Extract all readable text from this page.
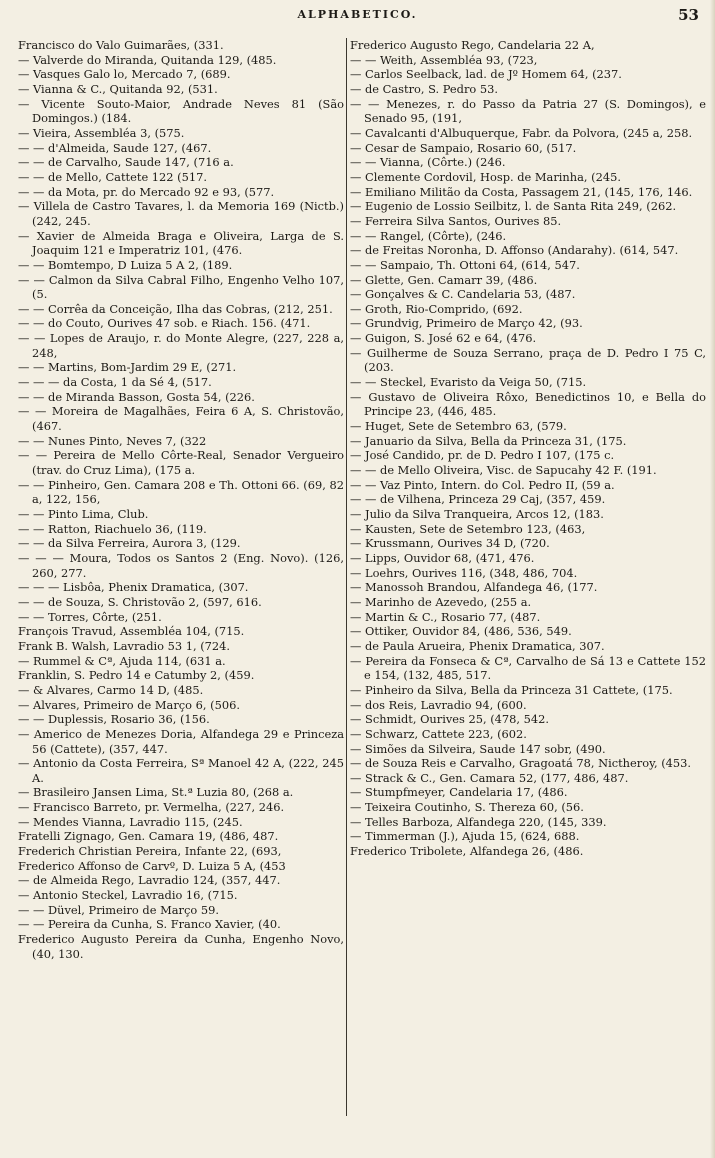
ALPHABETICO.	53

Francisco do Valo Guimarães, (331.

— Valverde do Miranda, Quitanda 129, (485.

— Vasques Galo lo, Mercado 7, (689.

— Vianna & C., Quitanda 92, (531.

— Vicente Souto-Maior, Andrade Neves 81 (São Domingos.) (184.

— Vieira, Assembléa 3, (575.

— — d'Almeida, Saude 127, (467.

— — de Carvalho, Saude 147, (716 a.

— — de Mello, Cattete 122 (517.

— — da Mota, pr. do Mercado 92 e 93, (577.

— Villela de Castro Tavares, l. da Memoria 169 (Nictb.) (242, 245.

— Xavier de Almeida Braga e Oliveira, Larga de S. Joaquim 121 e Imperatriz 101, (476.

— — Bomtempo, D Luiza 5 A 2, (189.

— — Calmon da Silva Cabral Filho, Engenho Velho 107, (5.

— — Corrêa da Conceição, Ilha das Cobras, (212, 251.

— — do Couto, Ourives 47 sob. e Riach. 156. (471.

— — Lopes de Araujo, r. do Monte Alegre, (227, 228 a, 248,

— — Martins, Bom-Jardim 29 E, (271.

— — — da Costa, 1 da Sé 4, (517.

— — de Miranda Basson, Gosta 54, (226.

— — Moreira de Magalhães, Feira 6 A, S. Christovão, (467.

— — Nunes Pinto, Neves 7, (322

— — Pereira de Mello Côrte-Real, Senador Vergueiro (trav. do Cruz Lima), (175 a.

— — Pinheiro, Gen. Camara 208 e Th. Ottoni 66. (69, 82 a, 122, 156,

— — Pinto Lima, Club.

— — Ratton, Riachuelo 36, (119.

— — da Silva Ferreira, Aurora 3, (129.

— — — Moura, Todos os Santos 2 (Eng. Novo). (126, 260, 277.

— — — Lisbôa, Phenix Dramatica, (307.

— — de Souza, S. Christovão 2, (597, 616.

— — Torres, Côrte, (251.

François Travud, Assembléa 104, (715.

Frank B. Walsh, Lavradio 53 1, (724.

— Rummel & Cª, Ajuda 114, (631 a.

Franklin, S. Pedro 14 e Catumby 2, (459.

— & Alvares, Carmo 14 D, (485.

— Alvares, Primeiro de Março 6, (506.

— — Duplessis, Rosario 36, (156.

— Americo de Menezes Doria, Alfandega 29 e Princeza 56 (Cattete), (357, 447.

— Antonio da Costa Ferreira, Sª Manoel 42 A, (222, 245 A.

— Brasileiro Jansen Lima, St.ª Luzia 80, (268 a.

— Francisco Barreto, pr. Vermelha, (227, 246.

— Mendes Vianna, Lavradio 115, (245.

Fratelli Zignago, Gen. Camara 19, (486, 487.

Frederich Christian Pereira, Infante 22, (693,

Frederico Affonso de Carvº, D. Luiza 5 A, (453

— de Almeida Rego, Lavradio 124, (357, 447.

— Antonio Steckel, Lavradio 16, (715.

— — Düvel, Primeiro de Março 59.

— — Pereira da Cunha, S. Franco Xavier, (40.

Frederico Augusto Pereira da Cunha, Engenho Novo, (40, 130.

Frederico Augusto Rego, Candelaria 22 A,

— — Weith, Assembléa 93, (723,

— Carlos Seelback, lad. de Jº Homem 64, (237.

— de Castro, S. Pedro 53.

— — Menezes, r. do Passo da Patria 27 (S. Domingos), e Senado 95, (191,

— Cavalcanti d'Albuquerque, Fabr. da Polvora, (245 a, 258.

— Cesar de Sampaio, Rosario 60, (517.

— — Vianna, (Côrte.) (246.

— Clemente Cordovil, Hosp. de Marinha, (245.

— Emiliano Militão da Costa, Passagem 21, (145, 176, 146.

— Eugenio de Lossio Seilbitz, l. de Santa Rita 249, (262.

— Ferreira Silva Santos, Ourives 85.

— — Rangel, (Côrte), (246.

— de Freitas Noronha, D. Affonso (Andarahy). (614, 547.

— — Sampaio, Th. Ottoni 64, (614, 547.

— Glette, Gen. Camarr 39, (486.

— Gonçalves & C. Candelaria 53, (487.

— Groth, Rio-Comprido, (692.

— Grundvig, Primeiro de Março 42, (93.

— Guigon, S. José 62 e 64, (476.

— Guilherme de Souza Serrano, praça de D. Pedro I 75 C, (203.

— — Steckel, Evaristo da Veiga 50, (715.

— Gustavo de Oliveira Rôxo, Benedictinos 10, e Bella do Principe 23, (446, 485.

— Huget, Sete de Setembro 63, (579.

— Januario da Silva, Bella da Princeza 31, (175.

— José Candido, pr. de D. Pedro I 107, (175 c.

— — de Mello Oliveira, Visc. de Sapucahy 42 F. (191.

— — Vaz Pinto, Intern. do Col. Pedro II, (59 a.

— — de Vilhena, Princeza 29 Caj, (357, 459.

— Julio da Silva Tranqueira, Arcos 12, (183.

— Kausten, Sete de Setembro 123, (463,

— Krussmann, Ourives 34 D, (720.

— Lipps, Ouvidor 68, (471, 476.

— Loehrs, Ourives 116, (348, 486, 704.

— Manossoh Brandou, Alfandega 46, (177.

— Marinho de Azevedo, (255 a.

— Martin & C., Rosario 77, (487.

— Ottiker, Ouvidor 84, (486, 536, 549.

— de Paula Arueira, Phenix Dramatica, 307.

— Pereira da Fonseca & Cª, Carvalho de Sá 13 e Cattete 152 e 154, (132, 485, 517.

— Pinheiro da Silva, Bella da Princeza 31 Cattete, (175.

— dos Reis, Lavradio 94, (600.

— Schmidt, Ourives 25, (478, 542.

— Schwarz, Cattete 223, (602.

— Simões da Silveira, Saude 147 sobr, (490.

— de Souza Reis e Carvalho, Gragoatá 78, Nictheroy, (453.

— Strack & C., Gen. Camara 52, (177, 486, 487.

— Stumpfmeyer, Candelaria 17, (486.

— Teixeira Coutinho, S. Thereza 60, (56.

— Telles Barboza, Alfandega 220, (145, 339.

— Timmerman (J.), Ajuda 15, (624, 688.

Frederico Tribolete, Alfandega 26, (486.
